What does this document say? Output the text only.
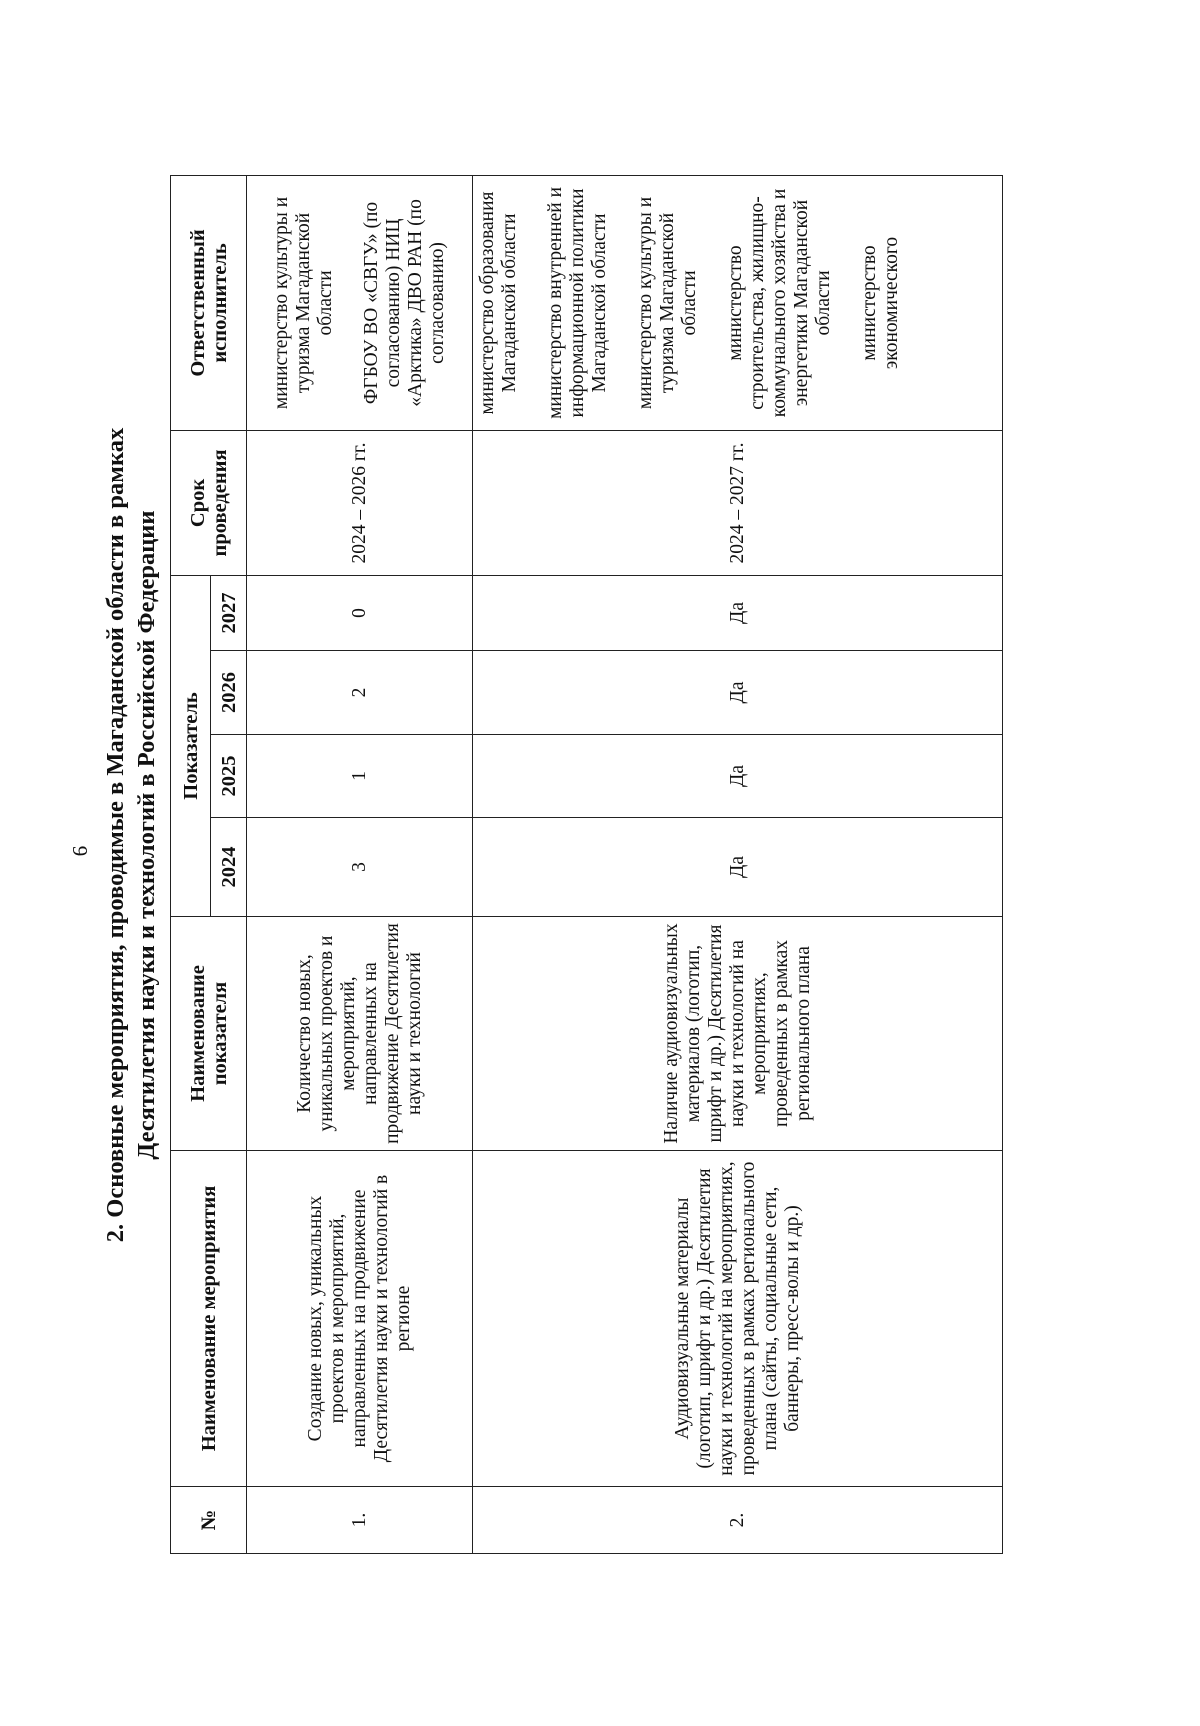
9 2. Основные мероприятия, проводимые в Магаданской области в рамках Десятилетия науки и технологий в Российской Федерации
№	Наименование мероприятия	Наименование показателя	Показатель				Срок проведения	Ответственный исполнитель
			2024	2025	2026	2027		
1.	Создание новых, уникальных проектов и мероприятий, направленных на продвижение Десятилетия науки и технологий в регионе	Количество новых, уникальных проектов и мероприятий, направленных на продвижение Десятилетия науки и технологий	3	1	2	0	2024 – 2026 гг.	министерство культуры и туризма Магаданской области ФГБОУ ВО «СВГУ» (по согласованию) НИЦ «Арктика» ДВО РАН (по согласованию)

2.	Аудиовизуальные материалы (логотип, шрифт и др.) Десятилетия науки и технологий на мероприятиях, проведенных в рамках регионального плана (сайты, социальные сети, баннеры, пресс-волы и др.)	Наличие аудиовизуальных материалов (логотип, шрифт и др.) Десятилетия науки и технологий на мероприятиях, проведенных в рамках регионального плана	Да	Да	Да	Да	2024 – 2027 гг.	министерство образования Магаданской области министерство внутренней и информационной политики Магаданской области министерство культуры и туризма Магаданской области министерство строительства, жилищно-коммунального хозяйства и энергетики Магаданской области министерство экономического
